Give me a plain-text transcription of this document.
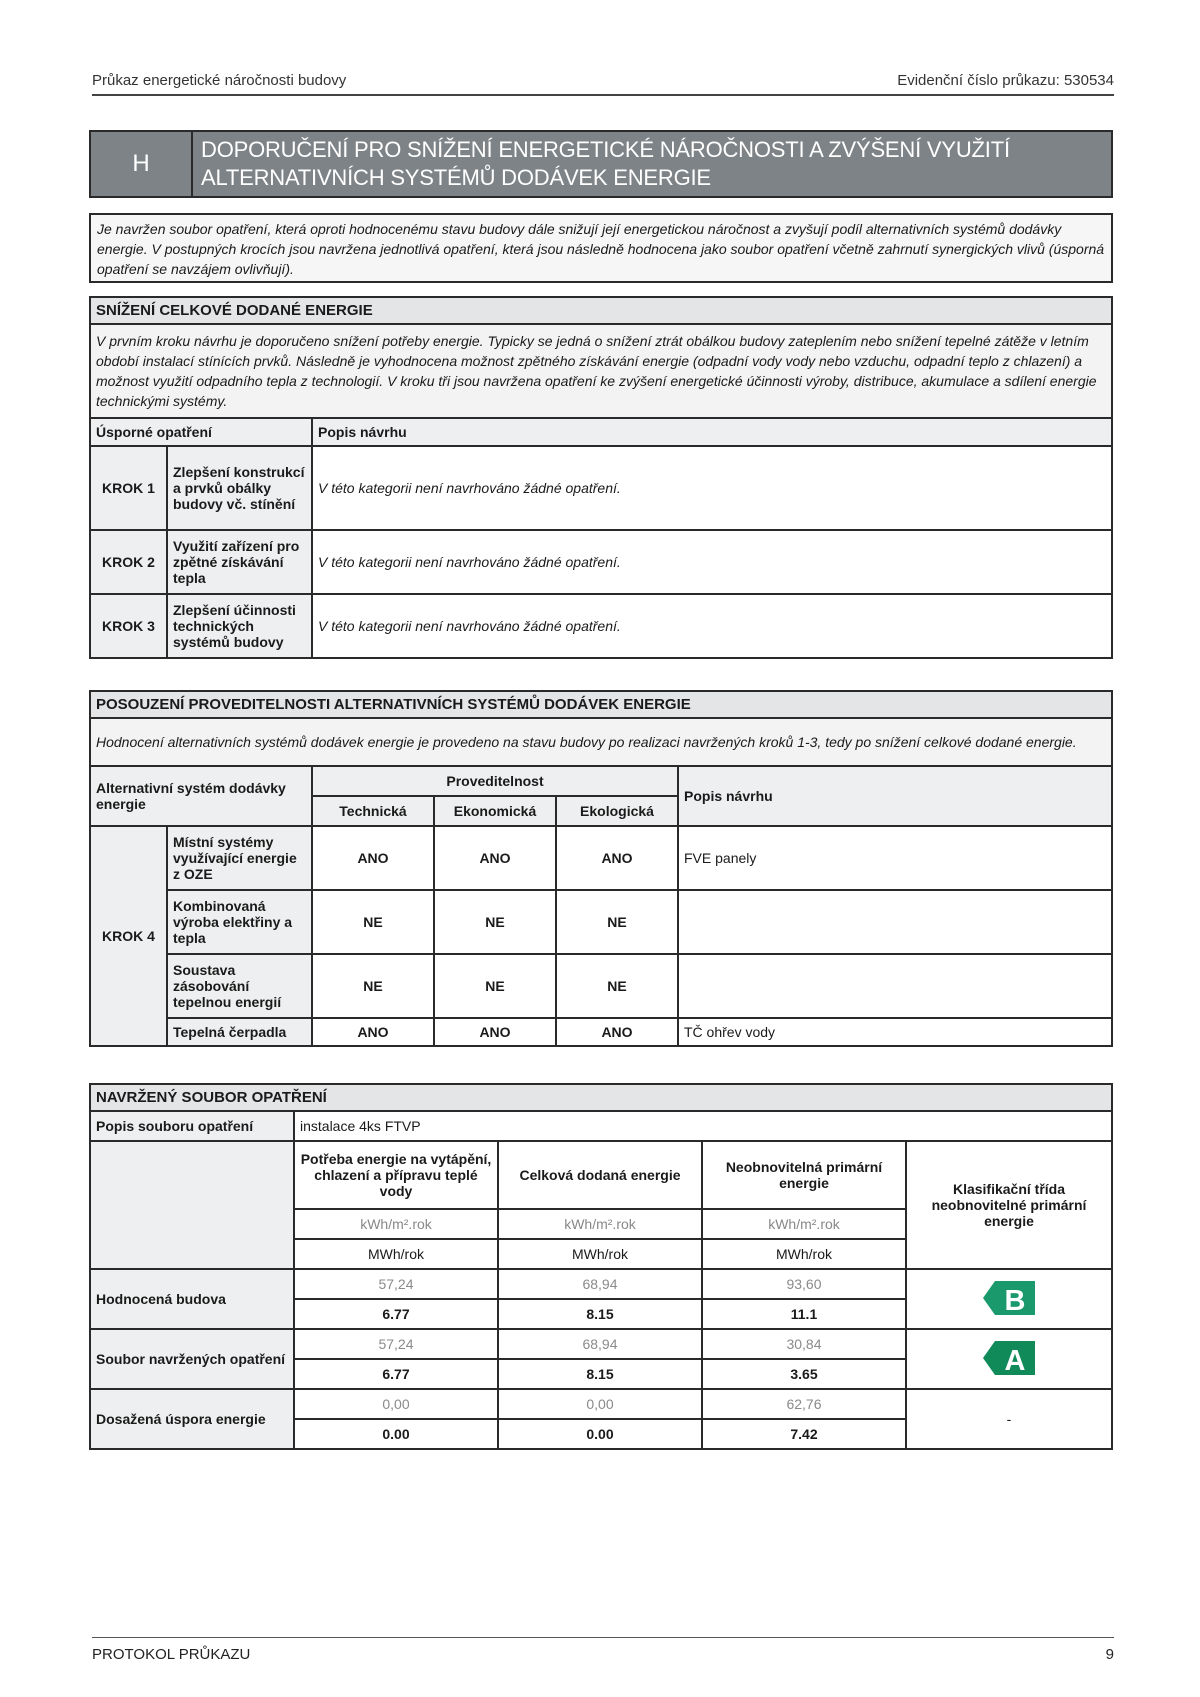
Průkaz energetické náročnosti budovy	Evidenční číslo průkazu: 530534
H
DOPORUČENÍ PRO SNÍŽENÍ ENERGETICKÉ NÁROČNOSTI A ZVÝŠENÍ VYUŽITÍ ALTERNATIVNÍCH SYSTÉMŮ DODÁVEK ENERGIE
Je navržen soubor opatření, která oproti hodnocenému stavu budovy dále snižují její energetickou náročnost a zvyšují podíl alternativních systémů dodávky energie. V postupných krocích jsou navržena jednotlivá opatření, která jsou následně hodnocena jako soubor opatření včetně zahrnutí synergických vlivů (úsporná opatření se navzájem ovlivňují).
SNÍŽENÍ CELKOVÉ DODANÉ ENERGIE		
V prvním kroku návrhu je doporučeno snížení potřeby energie. Typicky se jedná o snížení ztrát obálkou budovy zateplením nebo snížení tepelné zátěže v letním období instalací stínících prvků. Následně je vyhodnocena možnost zpětného získávání energie (odpadní vody vody nebo vzduchu, odpadní teplo z chlazení) a možnost využití odpadního tepla z technologií. V kroku tři jsou navržena opatření ke zvýšení energetické účinnosti výroby, distribuce, akumulace a sdílení energie technickými systémy.		
Úsporné opatření		Popis návrhu
KROK 1	Zlepšení konstrukcí a prvků obálky budovy vč. stínění	V této kategorii není navrhováno žádné opatření.
KROK 2	Využití zařízení pro zpětné získávání tepla	V této kategorii není navrhováno žádné opatření.
KROK 3	Zlepšení účinnosti technických systémů budovy	V této kategorii není navrhováno žádné opatření.
POSOUZENÍ PROVEDITELNOSTI ALTERNATIVNÍCH SYSTÉMŮ DODÁVEK ENERGIE					
Hodnocení alternativních systémů dodávek energie je provedeno na stavu budovy po realizaci navržených kroků 1-3, tedy po snížení celkové dodané energie.					
Alternativní systém dodávky energie		Proveditelnost			Popis návrhu
		Technická	Ekonomická	Ekologická	
KROK 4	Místní systémy využívající energie z OZE	ANO	ANO	ANO	FVE panely
	Kombinovaná výroba elektřiny a tepla	NE	NE	NE	
	Soustava zásobování tepelnou energií	NE	NE	NE	
	Tepelná čerpadla	ANO	ANO	ANO	TČ ohřev vody
NAVRŽENÝ SOUBOR OPATŘENÍ				
Popis souboru opatření	instalace 4ks FTVP			
	Potřeba energie na vytápění, chlazení a přípravu teplé vody	Celková dodaná energie	Neobnovitelná primární energie	Klasifikační třída neobnovitelné primární energie
	kWh/m².rok	kWh/m².rok	kWh/m².rok	
	MWh/rok	MWh/rok	MWh/rok	
Hodnocená budova	57,24	68,94	93,60	B

	6.77	8.15	11.1	
Soubor navržených opatření	57,24	68,94	30,84	A

	6.77	8.15	3.65	
Dosažená úspora energie	0,00	0,00	62,76	-
	0.00	0.00	7.42	
PROTOKOL PRŮKAZU	9
